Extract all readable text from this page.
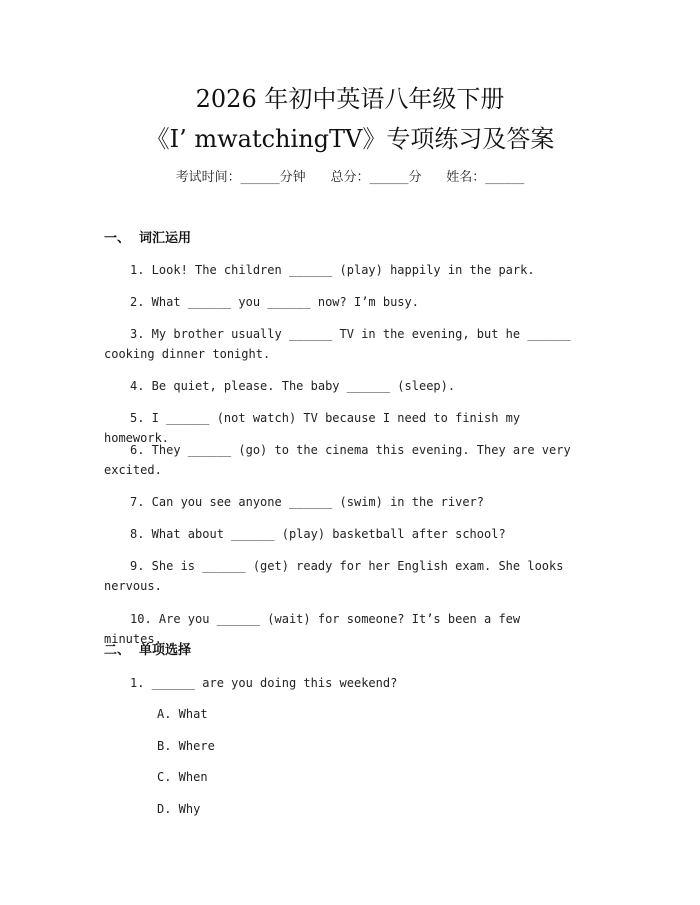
2026 年初中英语八年级下册
《I’ mwatchingTV》专项练习及答案
考试时间：______分钟 总分：______分 姓名：______
一、  词汇运用
1. Look! The children ______ (play) happily in the park.
2. What ______ you ______ now? I’m busy.
3. My brother usually ______ TV in the evening, but he ______ cooking dinner tonight.
4. Be quiet, please. The baby ______ (sleep).
5. I ______ (not watch) TV because I need to finish my homework.
6. They ______ (go) to the cinema this evening. They are very excited.
7. Can you see anyone ______ (swim) in the river?
8. What about ______ (play) basketball after school?
9. She is ______ (get) ready for her English exam. She looks nervous.
10. Are you ______ (wait) for someone? It’s been a few minutes.
二、  单项选择
1. ______ are you doing this weekend?
A. What
B. Where
C. When
D. Why
